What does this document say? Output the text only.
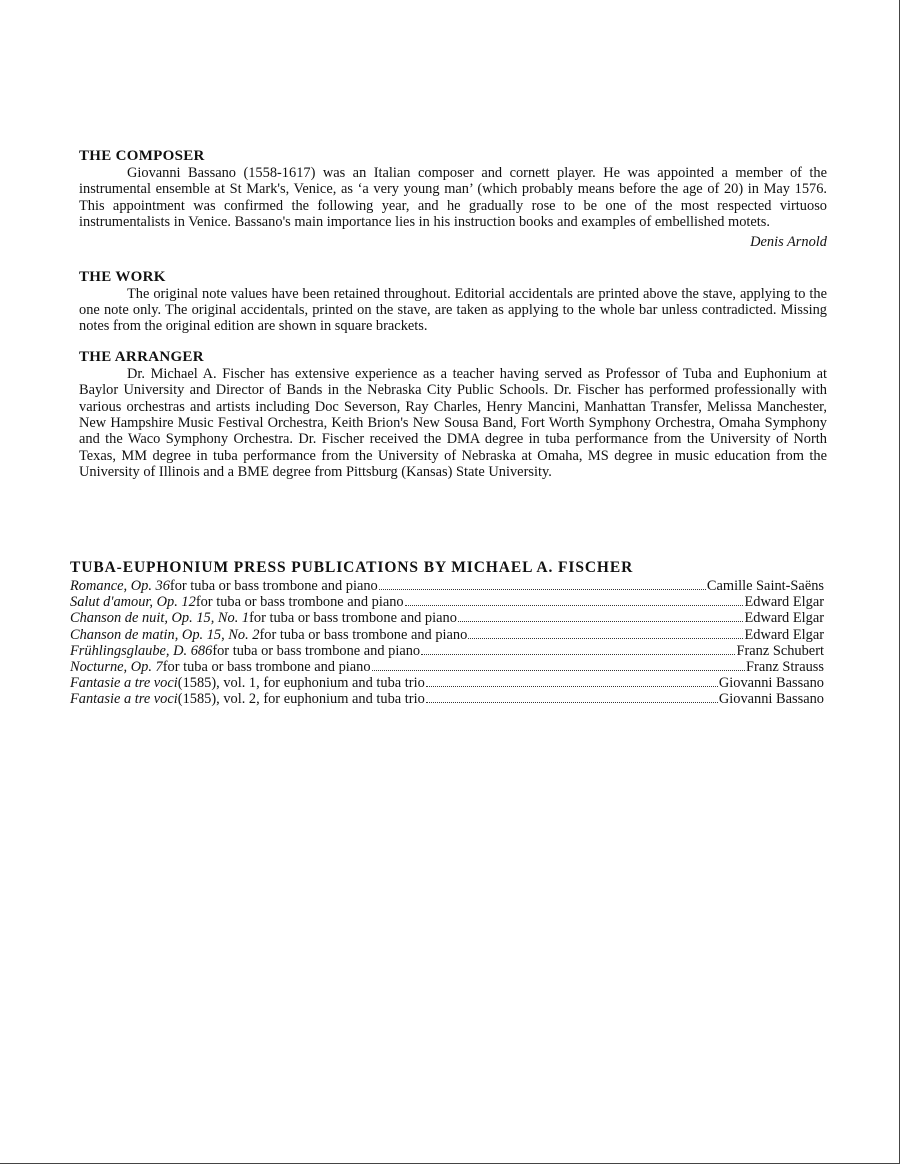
THE COMPOSER

Giovanni Bassano (1558-1617) was an Italian composer and cornett player. He was appointed a member of the instrumental ensemble at St Mark's, Venice, as ‘a very young man’ (which probably means before the age of 20) in May 1576. This appointment was confirmed the following year, and he gradually rose to be one of the most respected virtuoso instrumentalists in Venice. Bassano's main importance lies in his instruction books and examples of embellished motets.

Denis Arnold

THE WORK

The original note values have been retained throughout. Editorial accidentals are printed above the stave, applying to the one note only. The original accidentals, printed on the stave, are taken as applying to the whole bar unless contradicted. Missing notes from the original edition are shown in square brackets.

THE ARRANGER

Dr. Michael A. Fischer has extensive experience as a teacher having served as Professor of Tuba and Euphonium at Baylor University and Director of Bands in the Nebraska City Public Schools. Dr. Fischer has performed professionally with various orchestras and artists including Doc Severson, Ray Charles, Henry Mancini, Manhattan Transfer, Melissa Manchester, New Hampshire Music Festival Orchestra, Keith Brion's New Sousa Band, Fort Worth Symphony Orchestra, Omaha Symphony and the Waco Symphony Orchestra. Dr. Fischer received the DMA degree in tuba performance from the University of North Texas, MM degree in tuba performance from the University of Nebraska at Omaha, MS degree in music education from the University of Illinois and a BME degree from Pittsburg (Kansas) State University.

TUBA-EUPHONIUM PRESS PUBLICATIONS BY MICHAEL A. FISCHER
Romance, Op. 36 for tuba or bass trombone and piano	Camille Saint-Saëns
Salut d'amour, Op. 12 for tuba or bass trombone and piano	Edward Elgar
Chanson de nuit, Op. 15, No. 1 for tuba or bass trombone and piano	Edward Elgar
Chanson de matin, Op. 15, No. 2 for tuba or bass trombone and piano	Edward Elgar
Frühlingsglaube, D. 686 for tuba or bass trombone and piano	Franz Schubert
Nocturne, Op. 7 for tuba or bass trombone and piano	Franz Strauss
Fantasie a tre voci (1585), vol. 1, for euphonium and tuba trio	Giovanni Bassano
Fantasie a tre voci (1585), vol. 2, for euphonium and tuba trio	Giovanni Bassano
